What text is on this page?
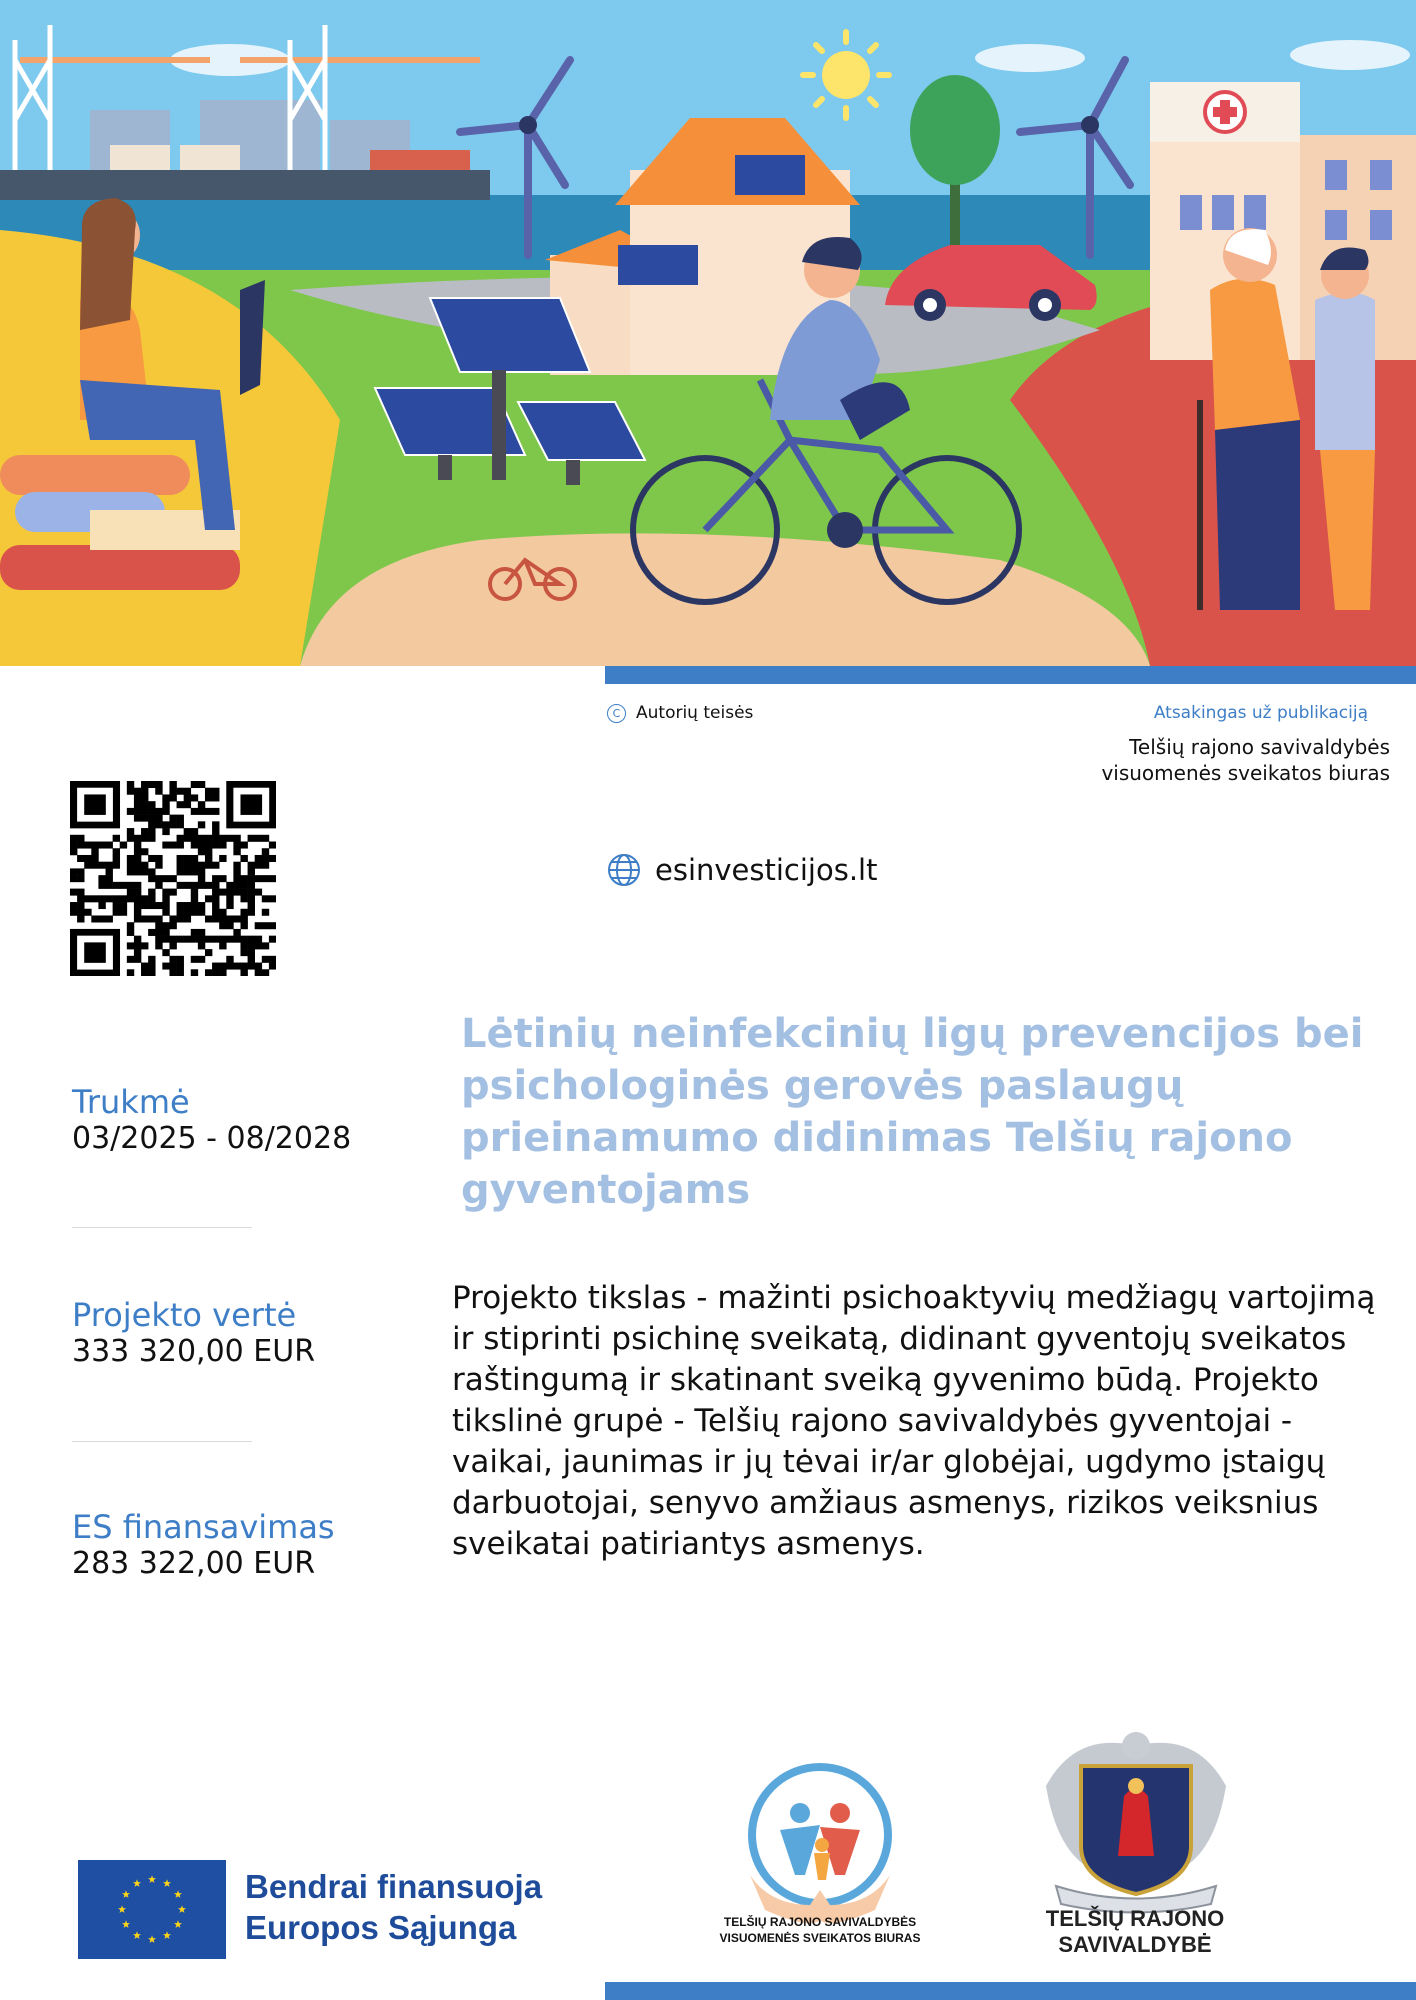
C Autorių teisės	Atsakingas už publikaciją
Telšių rajono savivaldybės visuomenės sveikatos biuras
esinvesticijos.lt
Lėtinių neinfekcinių ligų prevencijos bei psichologinės gerovės paslaugų prieinamumo didinimas Telšių rajono gyventojams
Trukmė
03/2025 - 08/2028
Projekto vertė
333 320,00 EUR
ES finansavimas
283 322,00 EUR
Projekto tikslas - mažinti psichoaktyvių medžiagų vartojimą ir stiprinti psichinę sveikatą, didinant gyventojų sveikatos raštingumą ir skatinant sveiką gyvenimo būdą. Projekto tikslinė grupė - Telšių rajono savivaldybės gyventojai - vaikai, jaunimas ir jų tėvai ir/ar globėjai, ugdymo įstaigų darbuotojai, senyvo amžiaus asmenys, rizikos veiksnius sveikatai patiriantys asmenys.
Bendrai finansuoja
Europos Sąjunga	TELŠIŲ RAJONO SAVIVALDYBĖS
VISUOMENĖS SVEIKATOS BIURAS
TELŠIŲ RAJONO
SAVIVALDYBĖ
